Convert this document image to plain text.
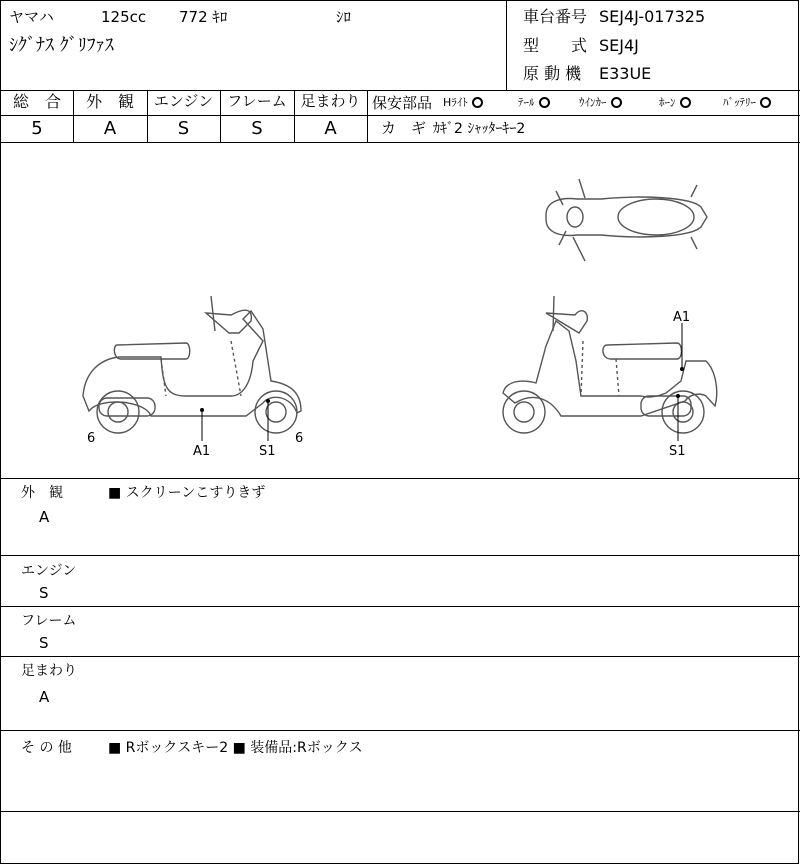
ヤマハ	125cc 772 ｷﾛ	ｼﾛ
ｼｸﾞﾅｽ ｸﾞﾘﾌｧｽ
車台番号 SEJ4J-017325
型　　式 SEJ4J
原 動 機 E33UE
総　合	外　観	エンジン フレーム 足まわり
5	A	S	S	A
保安部品 Hﾗｲﾄ	ﾃｰﾙ	ｳｲﾝｶｰ	ﾎｰﾝ	ﾊﾞｯﾃﾘｰ
カ　ギ ｶｷﾞ2 ｼｬｯﾀｰｷｰ2
6
A1	S1
6
A1
S1
外　観	■ スクリーンこすりきず
A
エンジン
S
フレーム
S
足まわり
A
そ の 他	■ Rボックスキー2 ■ 装備品:Rボックス
